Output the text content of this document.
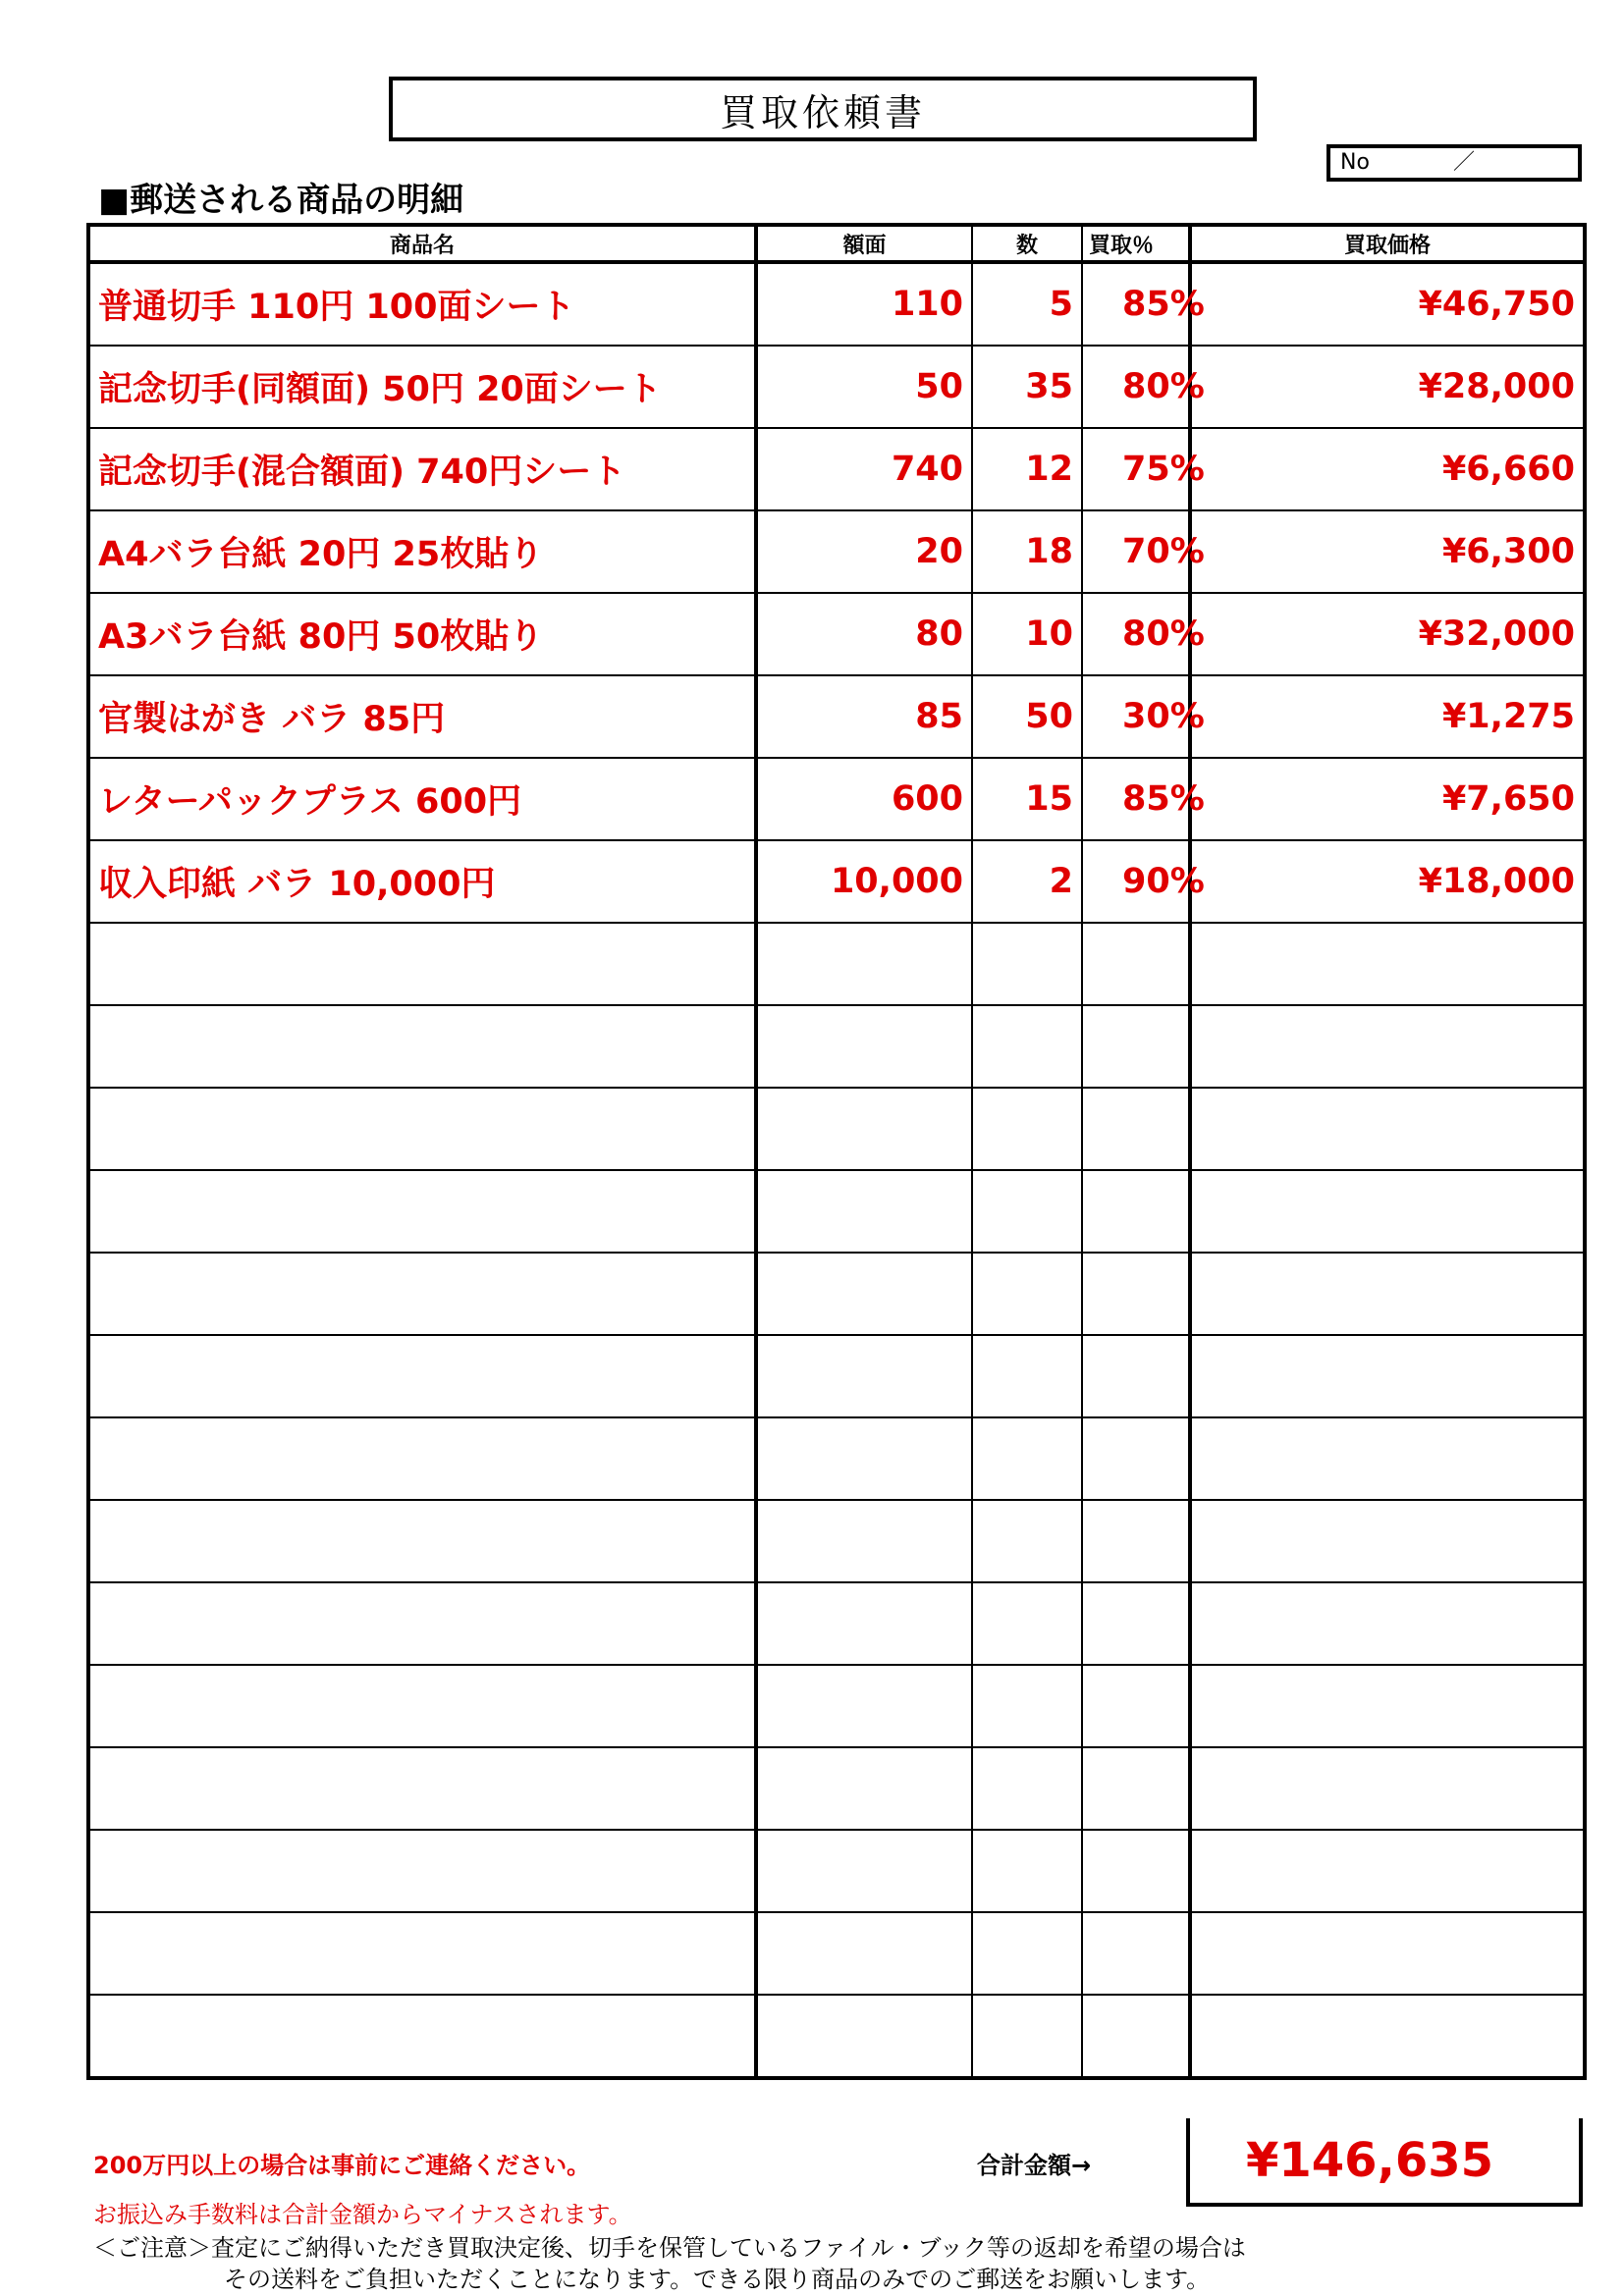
買取依頼書
No	／
■郵送される商品の明細
商品名	額面	数	買取％	買取価格
普通切手 110円 100面シート	110	5	85%	¥46,750
記念切手(同額面) 50円 20面シート	50	35	80%	¥28,000
記念切手(混合額面) 740円シート	740	12	75%	¥6,660
A4バラ台紙 20円 25枚貼り	20	18	70%	¥6,300
A3バラ台紙 80円 50枚貼り	80	10	80%	¥32,000
官製はがき バラ 85円	85	50	30%	¥1,275
レターパックプラス 600円	600	15	85%	¥7,650
収入印紙 バラ 10,000円	10,000	2	90%	¥18,000

200万円以上の場合は事前にご連絡ください。	合計金額→	¥146,635
お振込み手数料は合計金額からマイナスされます。
＜ご注意＞査定にご納得いただき買取決定後、切手を保管しているファイル・ブック等の返却を希望の場合は
その送料をご負担いただくことになります。できる限り商品のみでのご郵送をお願いします。
